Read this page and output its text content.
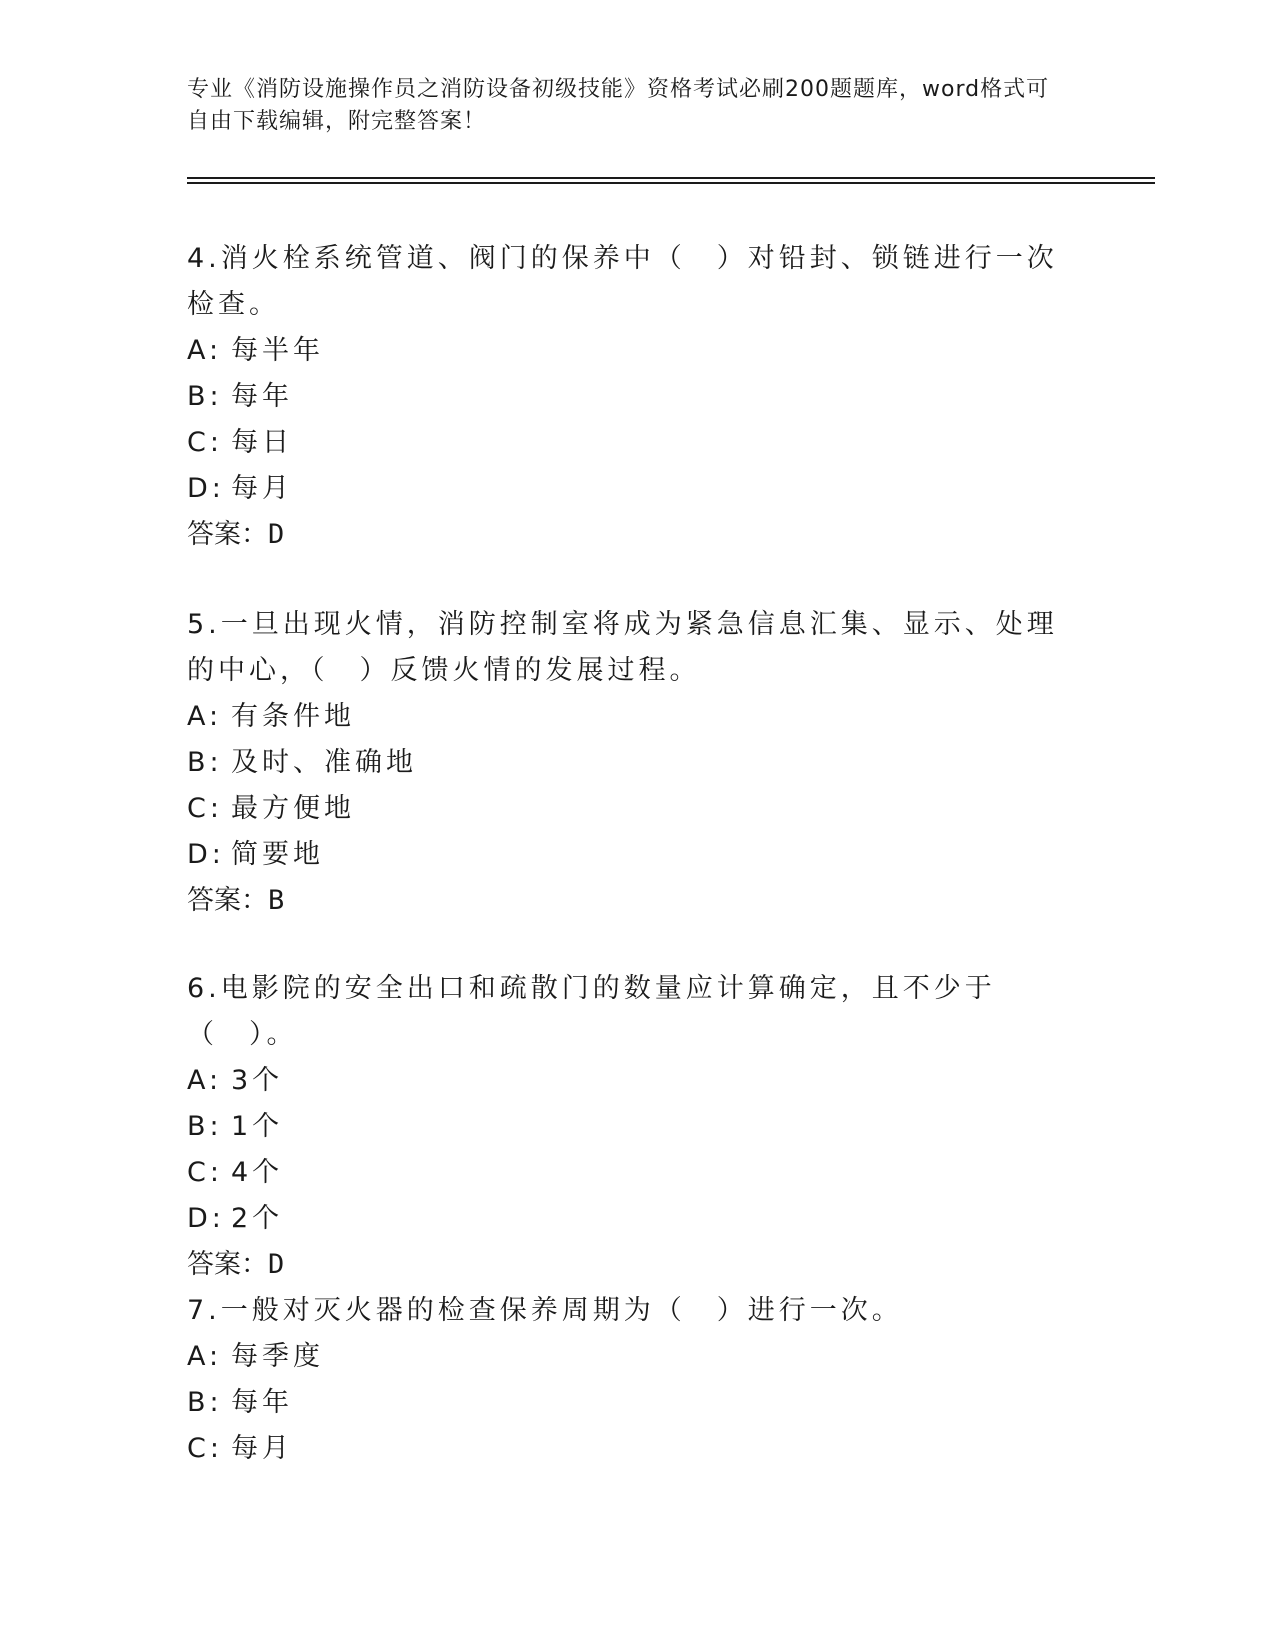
专业《消防设施操作员之消防设备初级技能》资格考试必刷200题题库，word格式可自由下载编辑，附完整答案！

4.消火栓系统管道、阀门的保养中（　）对铅封、锁链进行一次检查。

A: 每半年

B: 每年

C: 每日

D: 每月

答案：D

5.一旦出现火情，消防控制室将成为紧急信息汇集、显示、处理的中心，（　）反馈火情的发展过程。

A: 有条件地

B: 及时、准确地

C: 最方便地

D: 简要地

答案：B

6.电影院的安全出口和疏散门的数量应计算确定，且不少于（　）。

A: 3个

B: 1个

C: 4个

D: 2个

答案：D

7.一般对灭火器的检查保养周期为（　）进行一次。

A: 每季度

B: 每年

C: 每月
